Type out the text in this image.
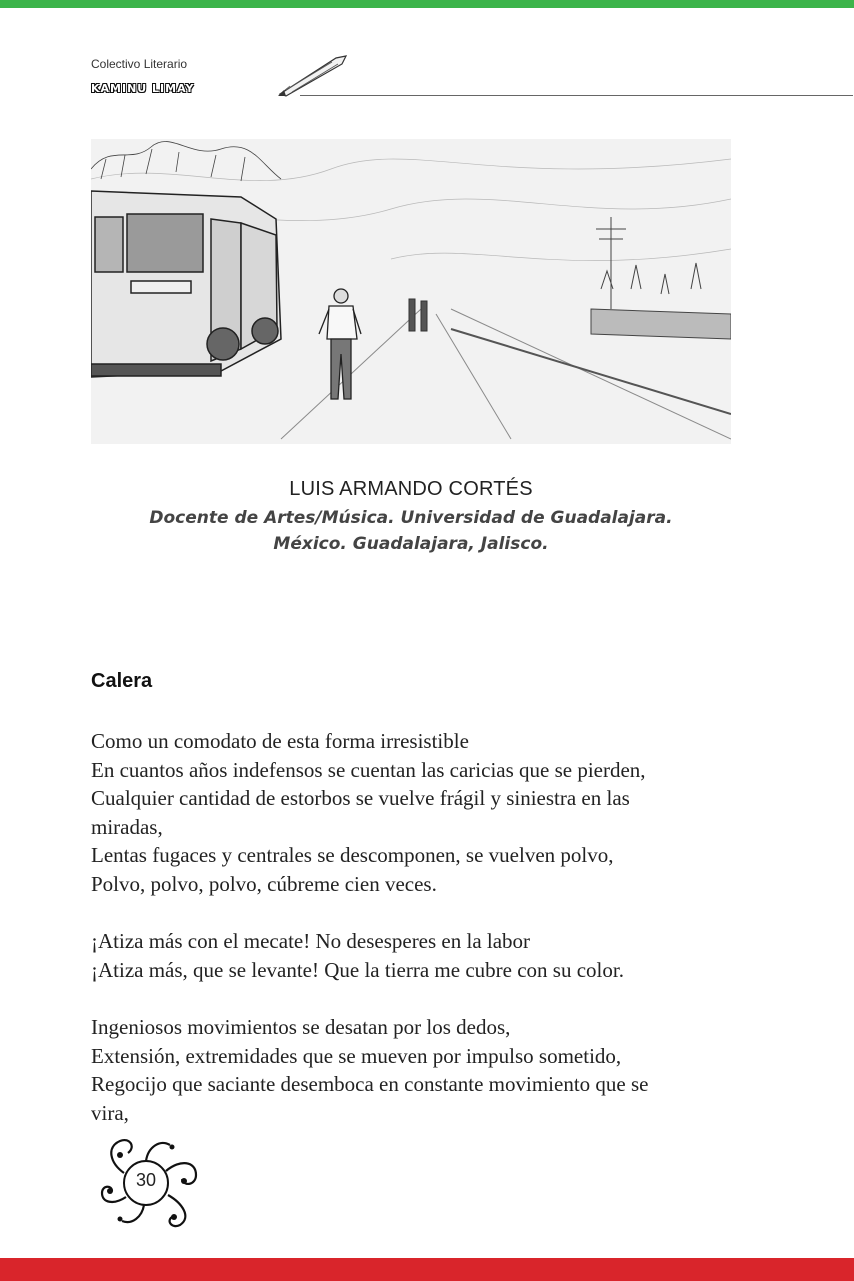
Colectivo Literario
KAMINU LIMAY
LUIS ARMANDO CORTÉS
Docente de Artes/Música. Universidad de Guadalajara.
México. Guadalajara, Jalisco.
Calera
Como un comodato de esta forma irresistible
En cuantos años indefensos se cuentan las caricias que se pierden,
Cualquier cantidad de estorbos se vuelve frágil y siniestra en las
miradas,
Lentas fugaces y centrales se descomponen, se vuelven polvo,
Polvo, polvo, polvo, cúbreme cien veces.
¡Atiza más con el mecate! No desesperes en la labor
¡Atiza más, que se levante! Que la tierra me cubre con su color.
Ingeniosos movimientos se desatan por los dedos,
Extensión, extremidades que se mueven por impulso sometido,
Regocijo que saciante desemboca en constante movimiento que se
vira,
30
